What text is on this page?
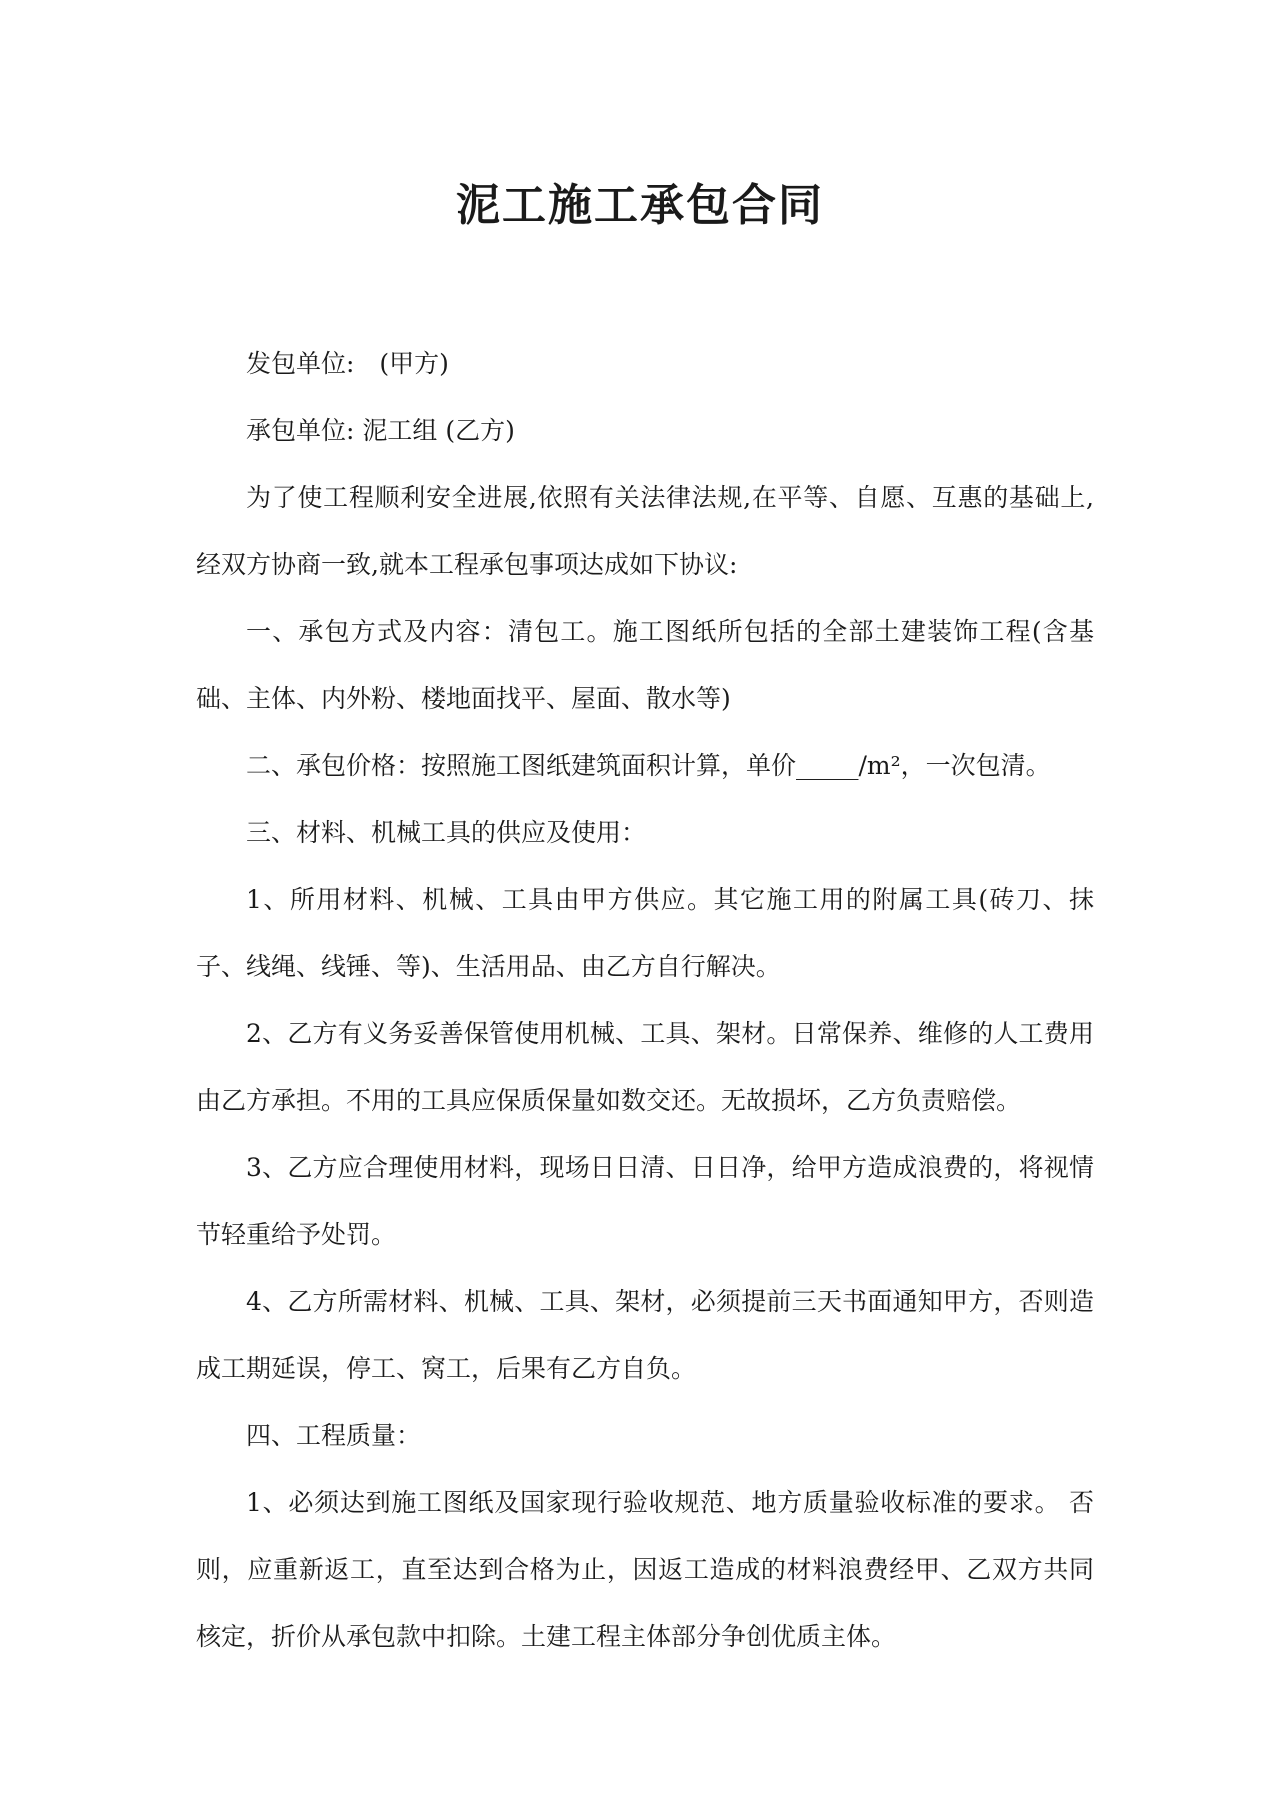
泥工施工承包合同

发包单位:　(甲方)

承包单位: 泥工组 (乙方)

为了使工程顺利安全进展,依照有关法律法规,在平等、自愿、互惠的基础上,经双方协商一致,就本工程承包事项达成如下协议:

一、承包方式及内容：清包工。施工图纸所包括的全部土建装饰工程(含基础、主体、内外粉、楼地面找平、屋面、散水等)

二、承包价格：按照施工图纸建筑面积计算，单价_____/m²，一次包清。

三、材料、机械工具的供应及使用：

1、所用材料、机械、工具由甲方供应。其它施工用的附属工具(砖刀、抹子、线绳、线锤、等)、生活用品、由乙方自行解决。

2、乙方有义务妥善保管使用机械、工具、架材。日常保养、维修的人工费用由乙方承担。不用的工具应保质保量如数交还。无故损坏，乙方负责赔偿。

3、乙方应合理使用材料，现场日日清、日日净，给甲方造成浪费的，将视情节轻重给予处罚。

4、乙方所需材料、机械、工具、架材，必须提前三天书面通知甲方，否则造成工期延误，停工、窝工，后果有乙方自负。

四、工程质量：

1、必须达到施工图纸及国家现行验收规范、地方质量验收标准的要求。 否则，应重新返工，直至达到合格为止，因返工造成的材料浪费经甲、乙双方共同核定，折价从承包款中扣除。土建工程主体部分争创优质主体。
